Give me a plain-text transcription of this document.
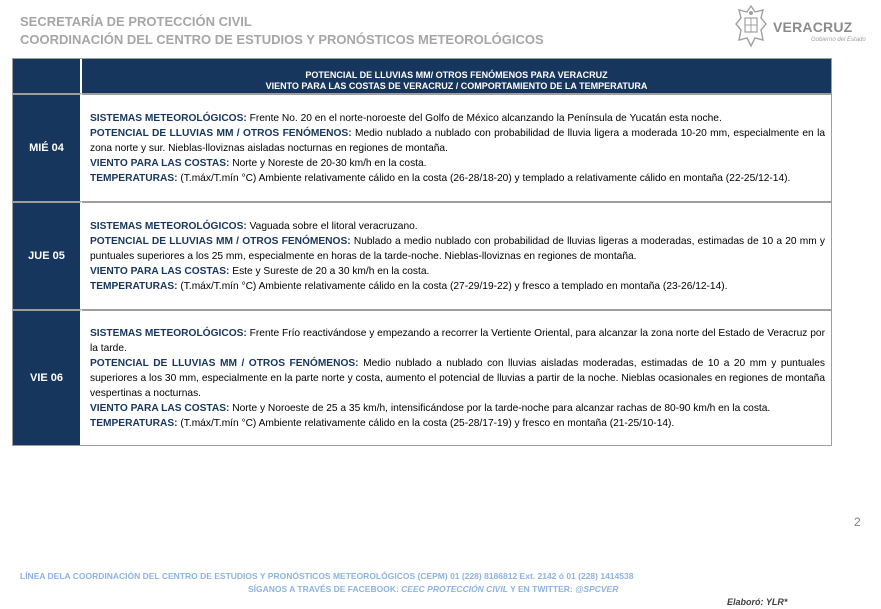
SECRETARÍA DE PROTECCIÓN CIVIL
COORDINACIÓN DEL CENTRO DE ESTUDIOS Y PRONÓSTICOS METEOROLÓGICOS
VERACRUZ
Gobierno del Estado

	POTENCIAL DE LLUVIAS MM/ OTROS FENÓMENOS PARA VERACRUZ
VIENTO PARA LAS COSTAS DE VERACRUZ / COMPORTAMIENTO DE LA TEMPERATURA

MIÉ 04	SISTEMAS METEOROLÓGICOS: Frente No. 20 en el norte-noroeste del Golfo de México alcanzando la Península de Yucatán esta noche.

POTENCIAL DE LLUVIAS MM / OTROS FENÓMENOS: Medio nublado a nublado con probabilidad de lluvia ligera a moderada 10-20 mm, especialmente en la zona norte y sur. Nieblas-lloviznas aisladas nocturnas en regiones de montaña.

VIENTO PARA LAS COSTAS: Norte y Noreste de 20-30 km/h en la costa.

TEMPERATURAS: (T.máx/T.mín °C) Ambiente relativamente cálido en la costa (26-28/18-20) y templado a relativamente cálido en montaña (22-25/12-14).

JUE 05	SISTEMAS METEOROLÓGICOS: Vaguada sobre el litoral veracruzano.

POTENCIAL DE LLUVIAS MM / OTROS FENÓMENOS: Nublado a medio nublado con probabilidad de lluvias ligeras a moderadas, estimadas de 10 a 20 mm y puntuales superiores a los 25 mm, especialmente en horas de la tarde-noche. Nieblas-lloviznas en regiones de montaña.

VIENTO PARA LAS COSTAS: Este y Sureste de 20 a 30 km/h en la costa.

TEMPERATURAS: (T.máx/T.mín °C) Ambiente relativamente cálido en la costa (27-29/19-22) y fresco a templado en montaña (23-26/12-14).

VIE 06	SISTEMAS METEOROLÓGICOS: Frente Frío reactivándose y empezando a recorrer la Vertiente Oriental, para alcanzar la zona norte del Estado de Veracruz por la tarde.

POTENCIAL DE LLUVIAS MM / OTROS FENÓMENOS: Medio nublado a nublado con lluvias aisladas moderadas, estimadas de 10 a 20 mm y puntuales superiores a los 30 mm, especialmente en la parte norte y costa, aumento el potencial de lluvias a partir de la noche. Nieblas ocasionales en regiones de montaña vespertinas a nocturnas.

VIENTO PARA LAS COSTAS: Norte y Noroeste de 25 a 35 km/h, intensificándose por la tarde-noche para alcanzar rachas de 80-90 km/h en la costa.

TEMPERATURAS: (T.máx/T.mín °C) Ambiente relativamente cálido en la costa (25-28/17-19) y fresco en montaña (21-25/10-14).

2
LÍNEA DELA COORDINACIÓN DEL CENTRO DE ESTUDIOS Y PRONÓSTICOS METEOROLÓGICOS (CEPM) 01 (228) 8186812 Ext. 2142 ó 01 (228) 1414538
SÍGANOS A TRAVÉS DE FACEBOOK: CEEC PROTECCIÓN CIVIL Y EN TWITTER: @SPCVER
Elaboró: YLR*
